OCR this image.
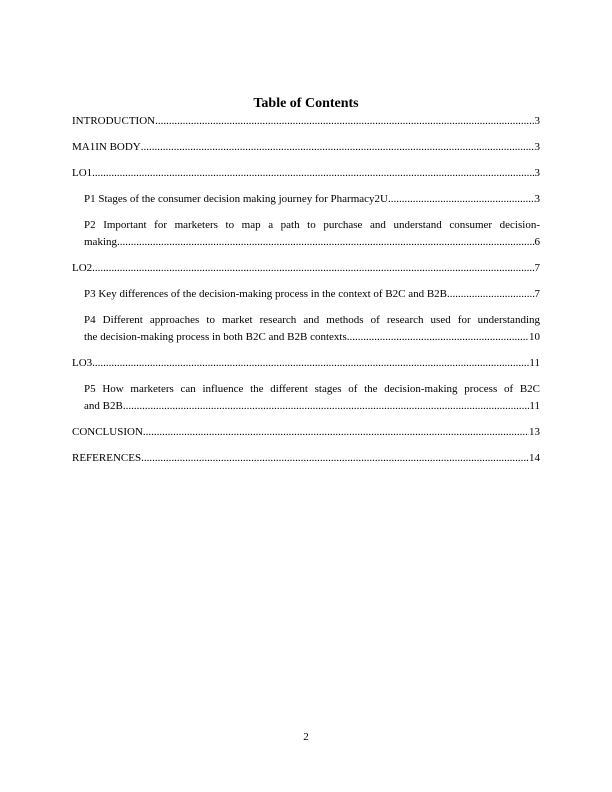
Table of Contents
INTRODUCTION .....	3
MA1IN BODY .....	3
LO1 .....	3
P1 Stages of the consumer decision making journey for Pharmacy2U .....	3
P2 Important for marketers to map a path to purchase and understand consumer decision-
making .....	6
LO2 .....	7
P3 Key differences of the decision-making process in the context of B2C and B2B .....	7
P4 Different approaches to market research and methods of research used for understanding
the decision-making process in both B2C and B2B contexts .....	10
LO3 .....	11
P5 How marketers can influence the different stages of the decision-making process of B2C
and B2B .....	11
CONCLUSION .....	13
REFERENCES .....	14
2
